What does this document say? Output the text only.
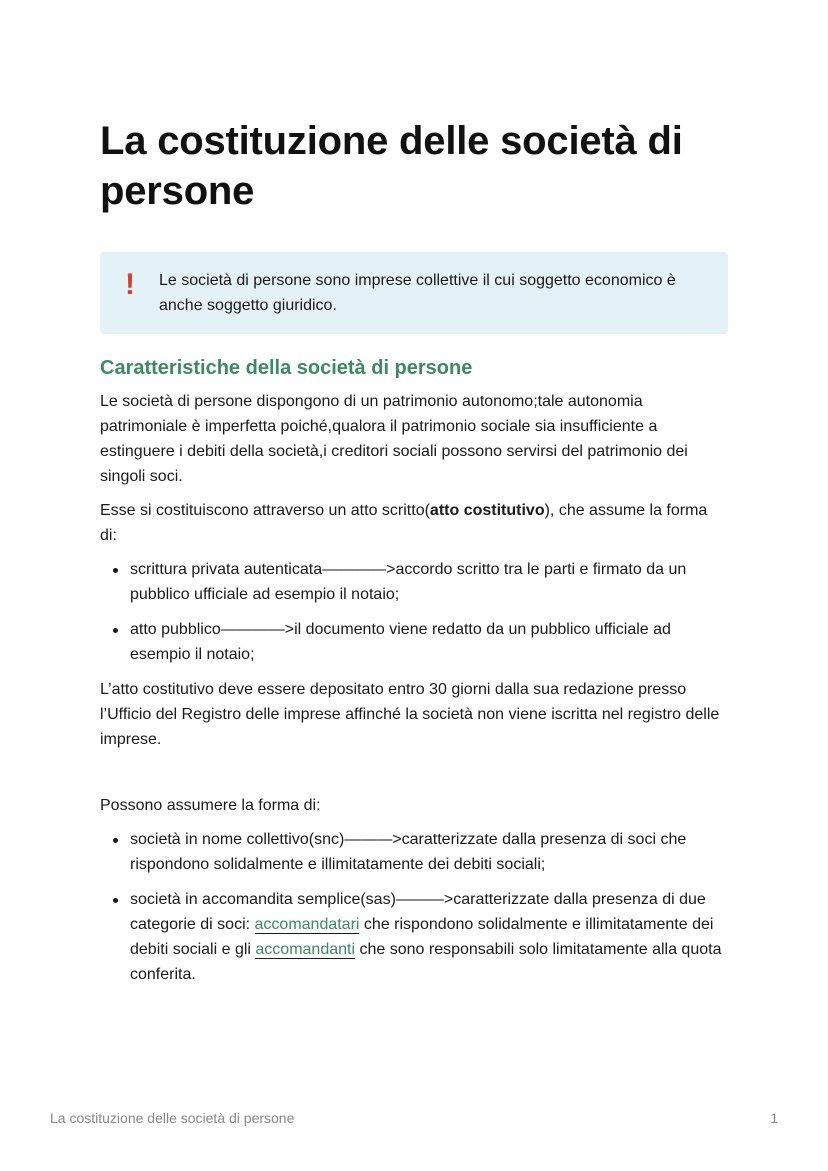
La costituzione delle società di persone
!	Le società di persone sono imprese collettive il cui soggetto economico è anche soggetto giuridico.
Caratteristiche della società di persone

Le società di persone dispongono di un patrimonio autonomo;tale autonomia patrimoniale è imperfetta poiché,qualora il patrimonio sociale sia insufficiente a estinguere i debiti della società,i creditori sociali possono servirsi del patrimonio dei singoli soci.

Esse si costituiscono attraverso un atto scritto(atto costitutivo), che assume la forma di:

scrittura privata autenticata————>accordo scritto tra le parti e firmato da un pubblico ufficiale ad esempio il notaio;
atto pubblico————>il documento viene redatto da un pubblico ufficiale ad esempio il notaio;

L’atto costitutivo deve essere depositato entro 30 giorni dalla sua redazione presso l’Ufficio del Registro delle imprese affinché la società non viene iscritta nel registro delle imprese.

Possono assumere la forma di:

società in nome collettivo(snc)———>caratterizzate dalla presenza di soci che rispondono solidalmente e illimitatamente dei debiti sociali;
società in accomandita semplice(sas)———>caratterizzate dalla presenza di due categorie di soci: accomandatari che rispondono solidalmente e illimitatamente dei debiti sociali e gli accomandanti che sono responsabili solo limitatamente alla quota conferita.
La costituzione delle società di persone	1
